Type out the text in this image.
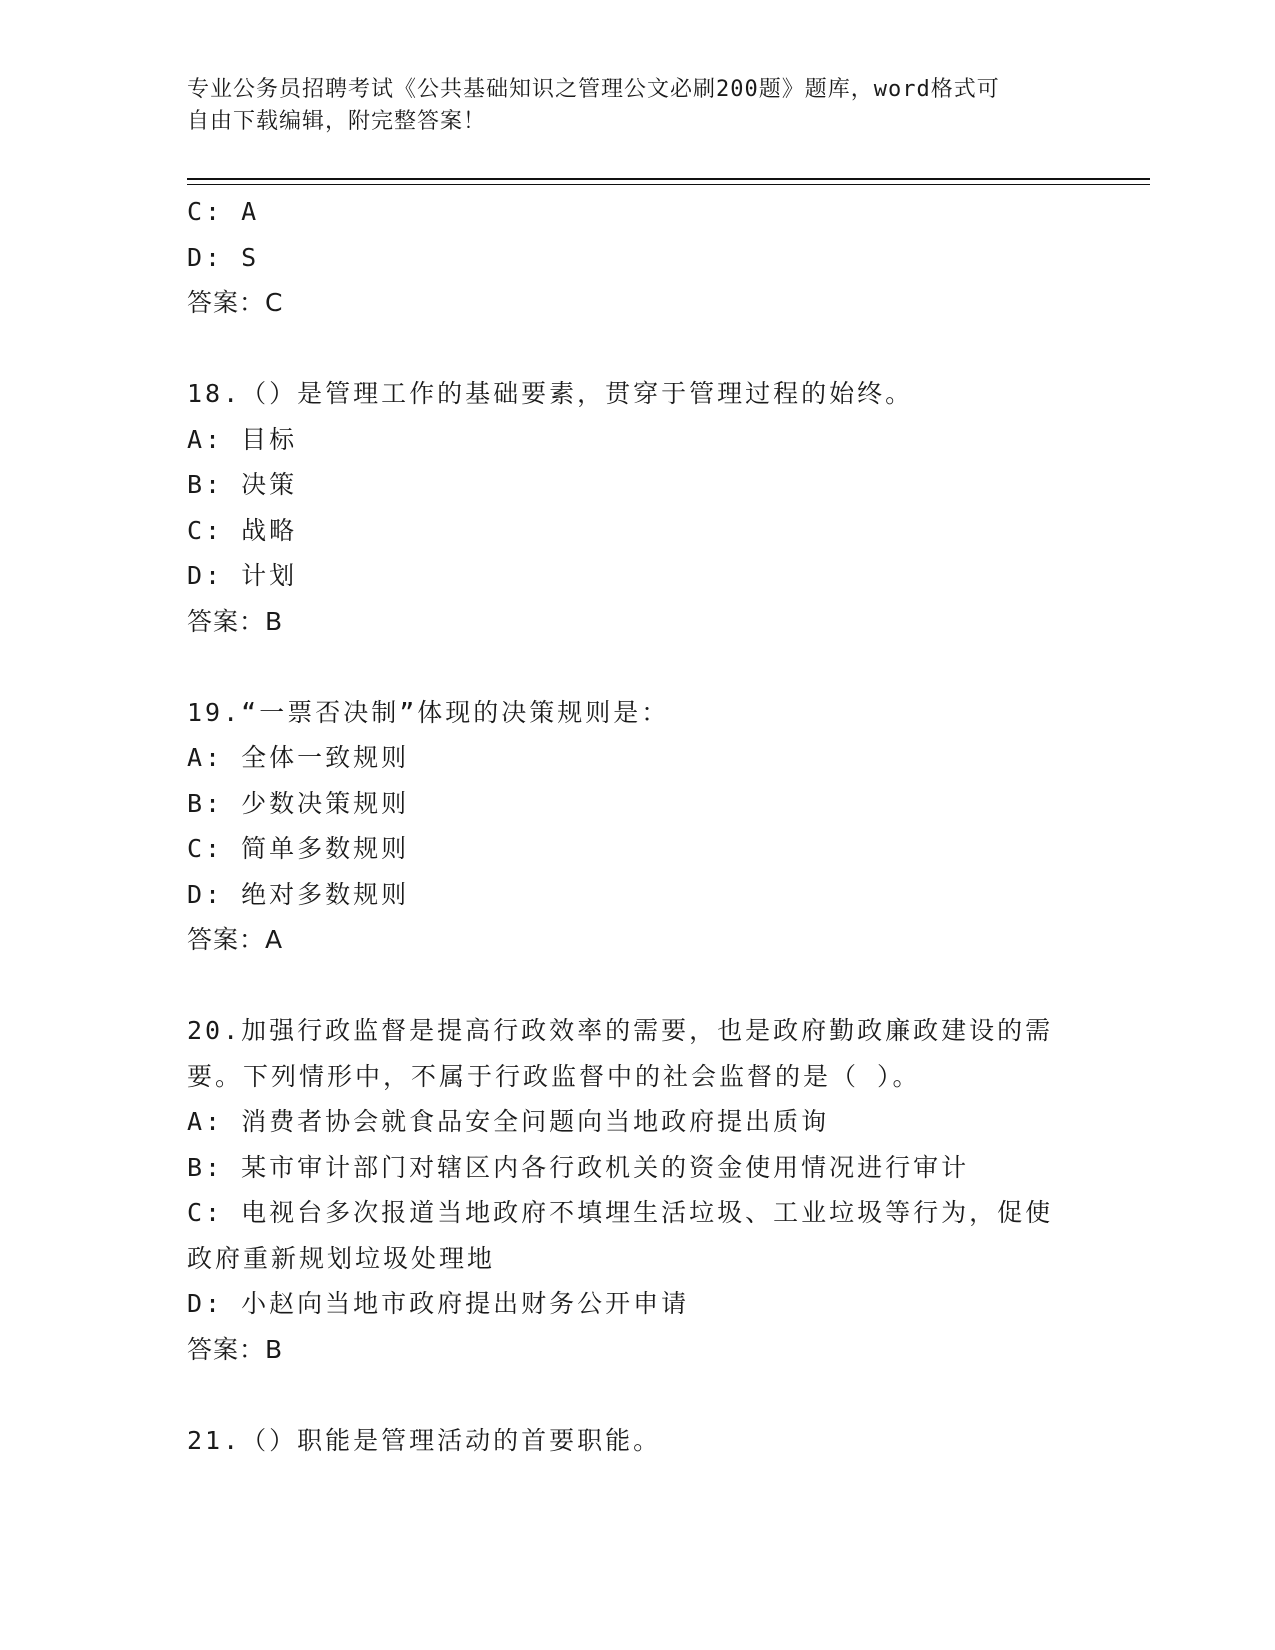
专业公务员招聘考试《公共基础知识之管理公文必刷200题》题库，word格式可
自由下载编辑，附完整答案！
C: A
D: S
答案：C
18.（）是管理工作的基础要素，贯穿于管理过程的始终。
A: 目标
B: 决策
C: 战略
D: 计划
答案：B
19.“一票否决制”体现的决策规则是：
A: 全体一致规则
B: 少数决策规则
C: 简单多数规则
D: 绝对多数规则
答案：A
20.加强行政监督是提高行政效率的需要，也是政府勤政廉政建设的需
要。下列情形中，不属于行政监督中的社会监督的是（ ）。
A: 消费者协会就食品安全问题向当地政府提出质询
B: 某市审计部门对辖区内各行政机关的资金使用情况进行审计
C: 电视台多次报道当地政府不填埋生活垃圾、工业垃圾等行为，促使
政府重新规划垃圾处理地
D: 小赵向当地市政府提出财务公开申请
答案：B
21.（）职能是管理活动的首要职能。
